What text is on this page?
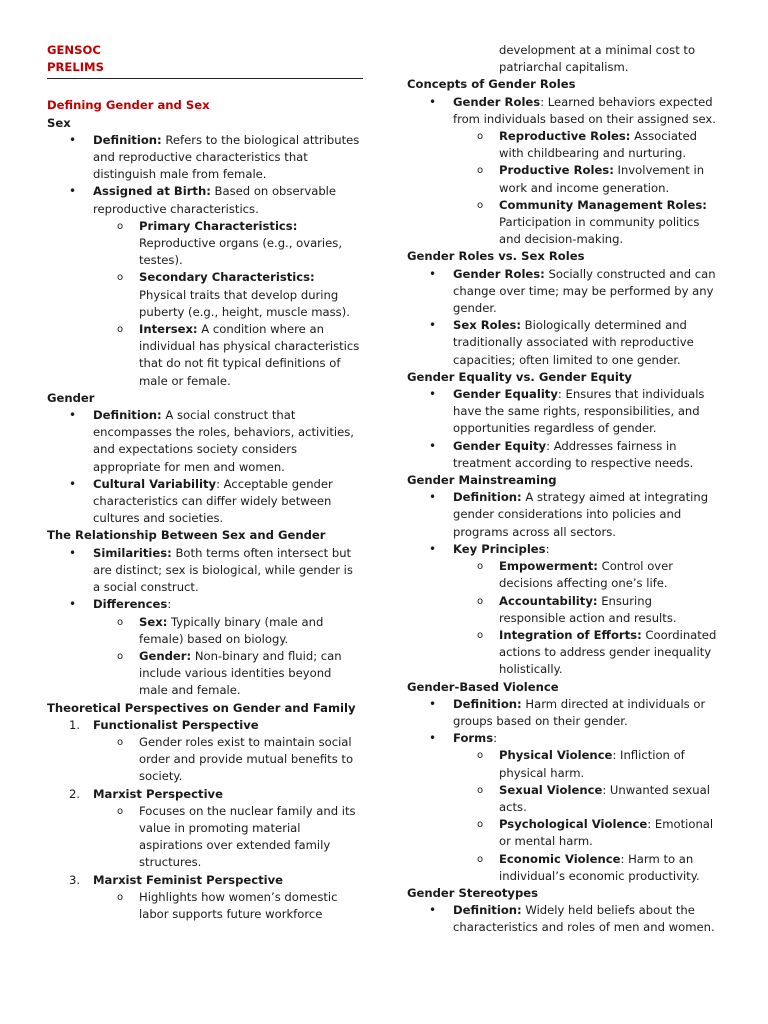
GENSOC
PRELIMS
Defining Gender and Sex
Sex
• Definition: Refers to the biological attributes and reproductive characteristics that distinguish male from female.
• Assigned at Birth: Based on observable reproductive characteristics.
o Primary Characteristics: Reproductive organs (e.g., ovaries, testes).
o Secondary Characteristics: Physical traits that develop during puberty (e.g., height, muscle mass).
o Intersex: A condition where an individual has physical characteristics that do not fit typical definitions of male or female.
Gender
• Definition: A social construct that encompasses the roles, behaviors, activities, and expectations society considers appropriate for men and women.
• Cultural Variability: Acceptable gender characteristics can differ widely between cultures and societies.
The Relationship Between Sex and Gender
• Similarities: Both terms often intersect but are distinct; sex is biological, while gender is a social construct.
• Differences:
o Sex: Typically binary (male and female) based on biology.
o Gender: Non-binary and fluid; can include various identities beyond male and female.
Theoretical Perspectives on Gender and Family
1. Functionalist Perspective
o Gender roles exist to maintain social order and provide mutual benefits to society.
2. Marxist Perspective
o Focuses on the nuclear family and its value in promoting material aspirations over extended family structures.
3. Marxist Feminist Perspective
o Highlights how women’s domestic labor supports future workforce
development at a minimal cost to patriarchal capitalism.
Concepts of Gender Roles
• Gender Roles: Learned behaviors expected from individuals based on their assigned sex.
o Reproductive Roles: Associated with childbearing and nurturing.
o Productive Roles: Involvement in work and income generation.
o Community Management Roles: Participation in community politics and decision-making.
Gender Roles vs. Sex Roles
• Gender Roles: Socially constructed and can change over time; may be performed by any gender.
• Sex Roles: Biologically determined and traditionally associated with reproductive capacities; often limited to one gender.
Gender Equality vs. Gender Equity
• Gender Equality: Ensures that individuals have the same rights, responsibilities, and opportunities regardless of gender.
• Gender Equity: Addresses fairness in treatment according to respective needs.
Gender Mainstreaming
• Definition: A strategy aimed at integrating gender considerations into policies and programs across all sectors.
• Key Principles:
o Empowerment: Control over decisions affecting one’s life.
o Accountability: Ensuring responsible action and results.
o Integration of Efforts: Coordinated actions to address gender inequality holistically.
Gender-Based Violence
• Definition: Harm directed at individuals or groups based on their gender.
• Forms:
o Physical Violence: Infliction of physical harm.
o Sexual Violence: Unwanted sexual acts.
o Psychological Violence: Emotional or mental harm.
o Economic Violence: Harm to an individual’s economic productivity.
Gender Stereotypes
• Definition: Widely held beliefs about the characteristics and roles of men and women.
